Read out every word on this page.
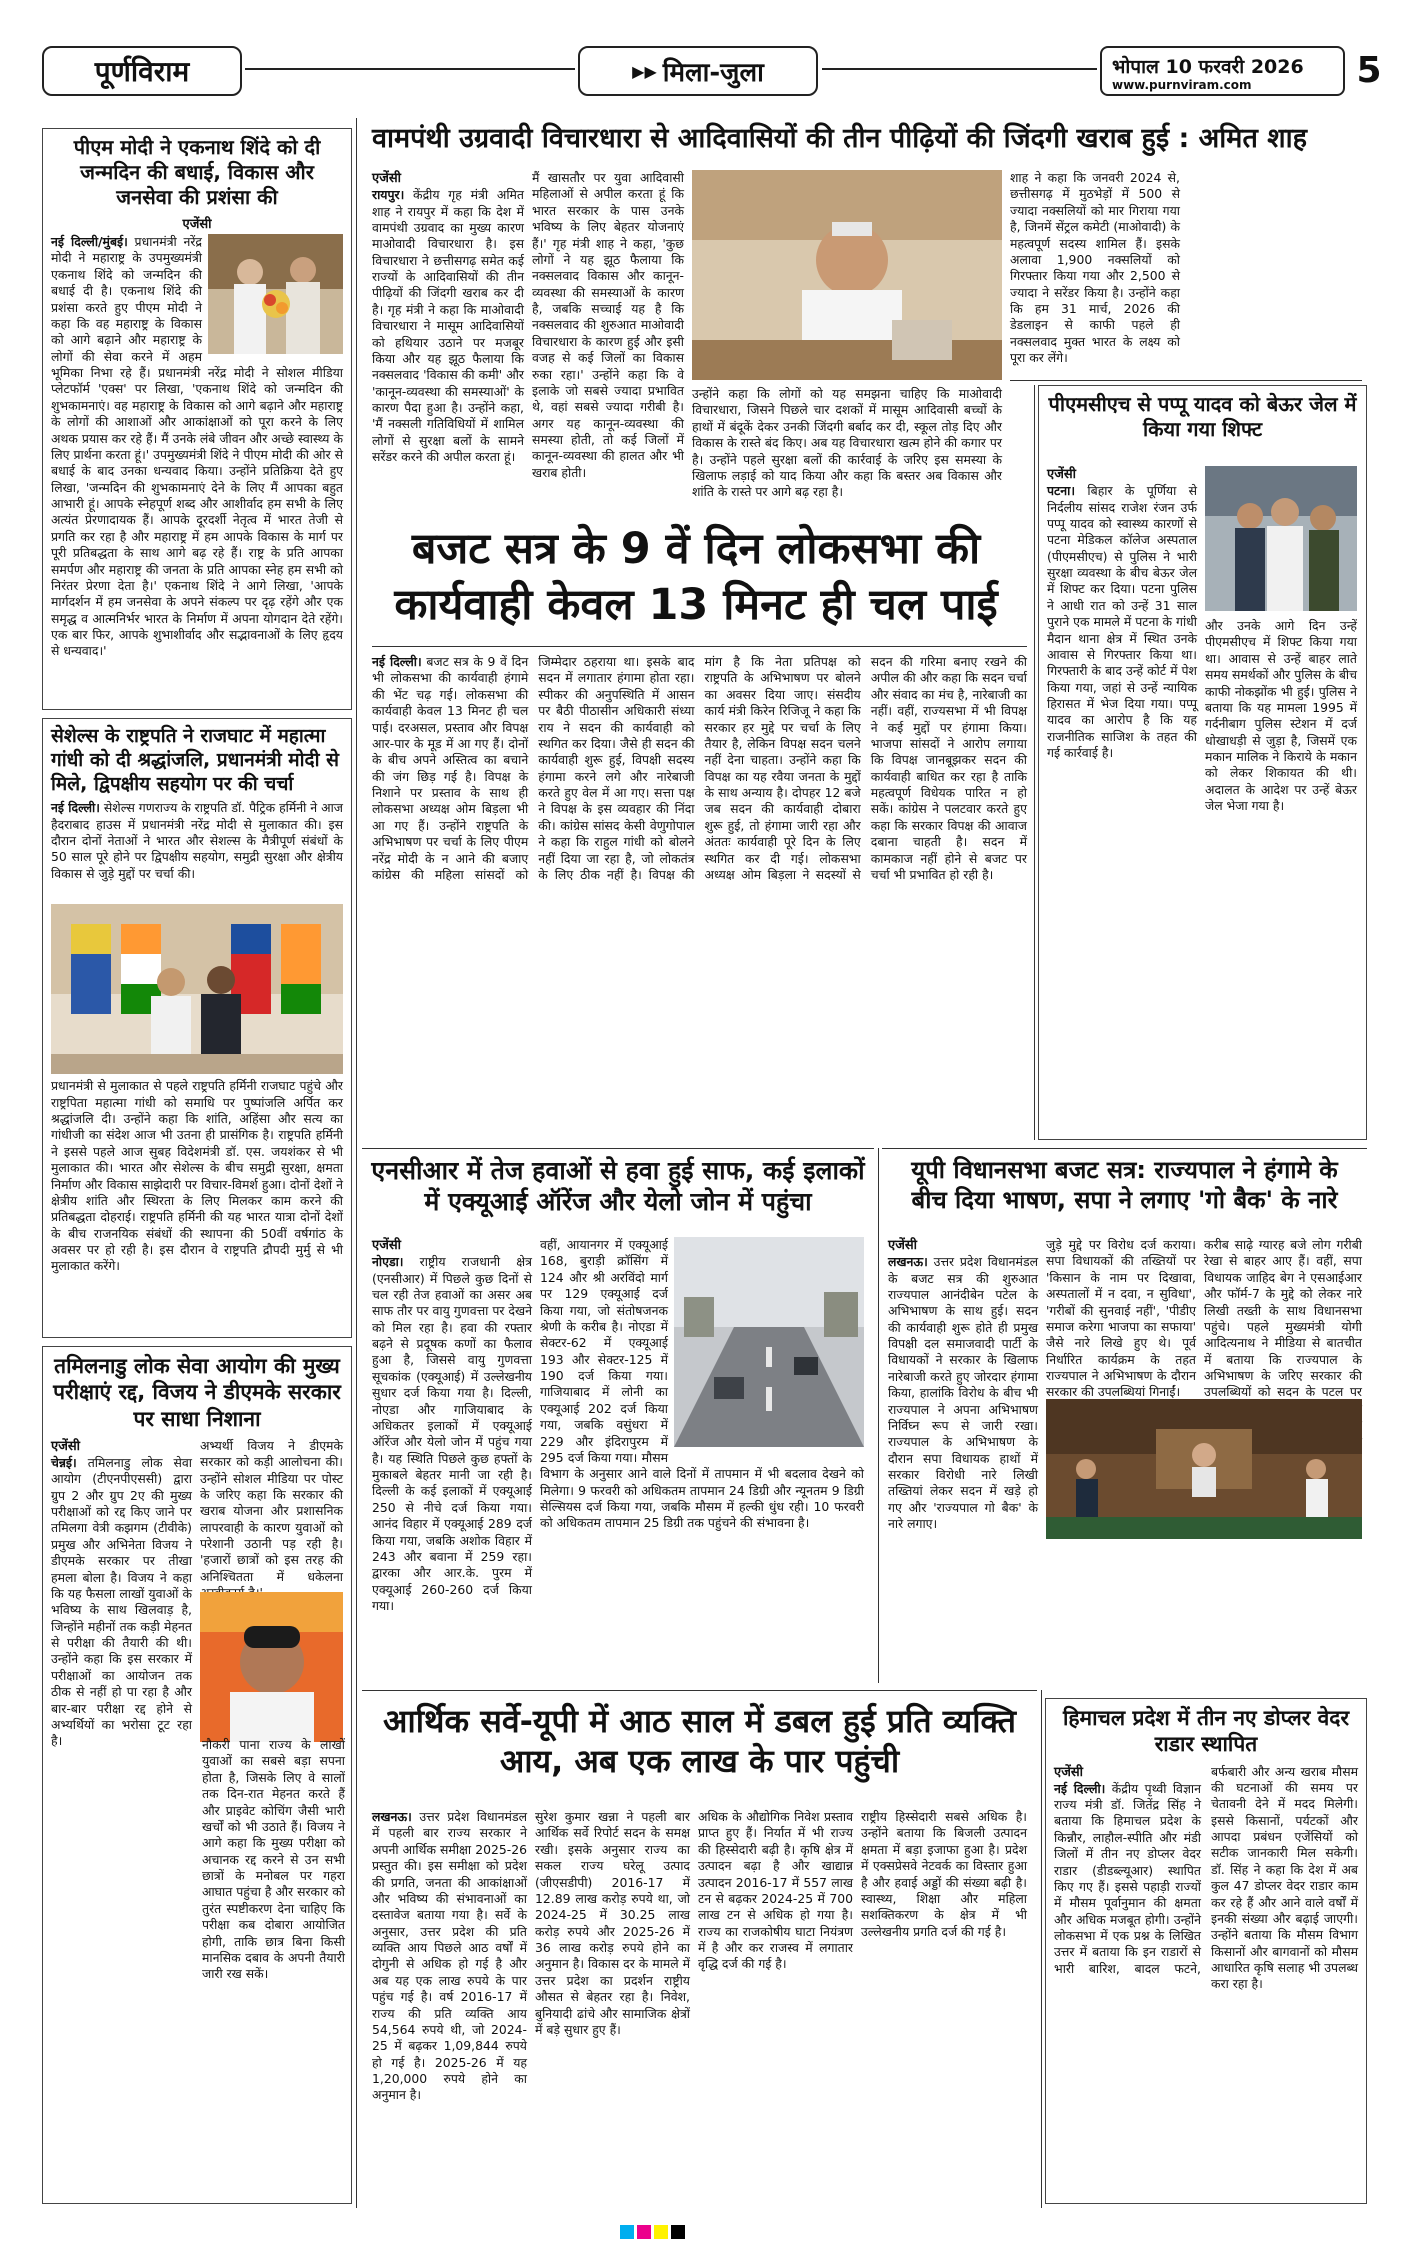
पूर्णविराम	▶▶ मिला-जुला	भोपाल 10 फरवरी 2026
www.purnviram.com	5
पीएम मोदी ने एकनाथ शिंदे को दी जन्मदिन की बधाई, विकास और जनसेवा की प्रशंसा की
एजेंसी
नई दिल्ली/मुंबई। प्रधानमंत्री नरेंद्र मोदी ने महाराष्ट्र के उपमुख्यमंत्री एकनाथ शिंदे को जन्मदिन की बधाई दी है। एकनाथ शिंदे की प्रशंसा करते हुए पीएम मोदी ने कहा कि वह महाराष्ट्र के विकास को आगे बढ़ाने और महाराष्ट्र के लोगों की सेवा करने में अहम भूमिका निभा रहे हैं। प्रधानमंत्री नरेंद्र मोदी ने सोशल मीडिया प्लेटफॉर्म 'एक्स' पर लिखा, 'एकनाथ शिंदे को जन्मदिन की शुभकामनाएं। वह महाराष्ट्र के विकास को आगे बढ़ाने और महाराष्ट्र के लोगों की आशाओं और आकांक्षाओं को पूरा करने के लिए अथक प्रयास कर रहे हैं। मैं उनके लंबे जीवन और अच्छे स्वास्थ्य के लिए प्रार्थना करता हूं।' उपमुख्यमंत्री शिंदे ने पीएम मोदी की ओर से बधाई के बाद उनका धन्यवाद किया। उन्होंने प्रतिक्रिया देते हुए लिखा, 'जन्मदिन की शुभकामनाएं देने के लिए मैं आपका बहुत आभारी हूं। आपके स्नेहपूर्ण शब्द और आशीर्वाद हम सभी के लिए अत्यंत प्रेरणादायक हैं। आपके दूरदर्शी नेतृत्व में भारत तेजी से प्रगति कर रहा है और महाराष्ट्र में हम आपके विकास के मार्ग पर पूरी प्रतिबद्धता के साथ आगे बढ़ रहे हैं। राष्ट्र के प्रति आपका समर्पण और महाराष्ट्र की जनता के प्रति आपका स्नेह हम सभी को निरंतर प्रेरणा देता है।' एकनाथ शिंदे ने आगे लिखा, 'आपके मार्गदर्शन में हम जनसेवा के अपने संकल्प पर दृढ़ रहेंगे और एक समृद्ध व आत्मनिर्भर भारत के निर्माण में अपना योगदान देते रहेंगे। एक बार फिर, आपके शुभाशीर्वाद और सद्भावनाओं के लिए हृदय से धन्यवाद।'
सेशेल्स के राष्ट्रपति ने राजघाट में महात्मा गांधी को दी श्रद्धांजलि, प्रधानमंत्री मोदी से मिले, द्विपक्षीय सहयोग पर की चर्चा
नई दिल्ली। सेशेल्स गणराज्य के राष्ट्रपति डॉ. पैट्रिक हर्मिनी ने आज हैदराबाद हाउस में प्रधानमंत्री नरेंद्र मोदी से मुलाकात की। इस दौरान दोनों नेताओं ने भारत और सेशल्स के मैत्रीपूर्ण संबंधों के 50 साल पूरे होने पर द्विपक्षीय सहयोग, समुद्री सुरक्षा और क्षेत्रीय विकास से जुड़े मुद्दों पर चर्चा की।
प्रधानमंत्री से मुलाकात से पहले राष्ट्रपति हर्मिनी राजघाट पहुंचे और राष्ट्रपिता महात्मा गांधी को समाधि पर पुष्पांजलि अर्पित कर श्रद्धांजलि दी। उन्होंने कहा कि शांति, अहिंसा और सत्य का गांधीजी का संदेश आज भी उतना ही प्रासंगिक है। राष्ट्रपति हर्मिनी ने इससे पहले आज सुबह विदेशमंत्री डॉ. एस. जयशंकर से भी मुलाकात की। भारत और सेशेल्स के बीच समुद्री सुरक्षा, क्षमता निर्माण और विकास साझेदारी पर विचार-विमर्श हुआ। दोनों देशों ने क्षेत्रीय शांति और स्थिरता के लिए मिलकर काम करने की प्रतिबद्धता दोहराई। राष्ट्रपति हर्मिनी की यह भारत यात्रा दोनों देशों के बीच राजनयिक संबंधों की स्थापना की 50वीं वर्षगांठ के अवसर पर हो रही है। इस दौरान वे राष्ट्रपति द्रौपदी मुर्मु से भी मुलाकात करेंगे।
तमिलनाडु लोक सेवा आयोग की मुख्य परीक्षाएं रद्द, विजय ने डीएमके सरकार पर साधा निशाना
एजेंसी
चेन्नई। तमिलनाडु लोक सेवा आयोग (टीएनपीएससी) द्वारा ग्रुप 2 और ग्रुप 2ए की मुख्य परीक्षाओं को रद्द किए जाने पर तमिलगा वेत्री कझगम (टीवीके) प्रमुख और अभिनेता विजय ने डीएमके सरकार पर तीखा हमला बोला है। विजय ने कहा कि यह फैसला लाखों युवाओं के भविष्य के साथ खिलवाड़ है, जिन्होंने महीनों तक कड़ी मेहनत से परीक्षा की तैयारी की थी। उन्होंने कहा कि इस सरकार में परीक्षाओं का आयोजन तक ठीक से नहीं हो पा रहा है और बार-बार परीक्षा रद्द होने से अभ्यर्थियों का भरोसा टूट रहा है।
अभ्यर्थी विजय ने डीएमके सरकार को कड़ी आलोचना की। उन्होंने सोशल मीडिया पर पोस्ट के जरिए कहा कि सरकार की खराब योजना और प्रशासनिक लापरवाही के कारण युवाओं को परेशानी उठानी पड़ रही है। 'हजारों छात्रों को इस तरह की अनिश्चितता में धकेलना
नौकरी पाना राज्य के लाखों युवाओं का सबसे बड़ा सपना होता है, जिसके लिए वे सालों तक दिन-रात मेहनत करते हैं और प्राइवेट कोचिंग जैसी भारी खर्चों को भी उठाते हैं। विजय ने आगे कहा कि मुख्य परीक्षा को अचानक रद्द करने से उन सभी छात्रों के मनोबल पर गहरा आघात पहुंचा है और सरकार को तुरंत स्पष्टीकरण देना चाहिए कि परीक्षा कब दोबारा आयोजित होगी, ताकि छात्र बिना किसी मानसिक दबाव के अपनी तैयारी जारी रख सकें।
वामपंथी उग्रवादी विचारधारा से आदिवासियों की तीन पीढ़ियों की जिंदगी खराब हुई : अमित शाह
एजेंसी
रायपुर। केंद्रीय गृह मंत्री अमित शाह ने रायपुर में कहा कि देश में वामपंथी उग्रवाद का मुख्य कारण माओवादी विचारधारा है। इस विचारधारा ने छत्तीसगढ़ समेत कई राज्यों के आदिवासियों की तीन पीढ़ियों की जिंदगी खराब कर दी है। गृह मंत्री ने कहा कि माओवादी विचारधारा ने मासूम आदिवासियों को हथियार उठाने पर मजबूर किया और यह झूठ फैलाया कि नक्सलवाद 'विकास की कमी' और 'कानून-व्यवस्था की समस्याओं' के कारण पैदा हुआ है। उन्होंने कहा, 'मैं नक्सली गतिविधियों में शामिल लोगों से सुरक्षा बलों के सामने सरेंडर करने की अपील करता हूं।
मैं खासतौर पर युवा आदिवासी महिलाओं से अपील करता हूं कि भारत सरकार के पास उनके भविष्य के लिए बेहतर योजनाएं हैं।' गृह मंत्री शाह ने कहा, 'कुछ लोगों ने यह झूठ फैलाया कि नक्सलवाद विकास और कानून-व्यवस्था की समस्याओं के कारण है, जबकि सच्चाई यह है कि नक्सलवाद की शुरुआत माओवादी विचारधारा के कारण हुई और इसी वजह से कई जिलों का विकास रुका रहा।' उन्होंने कहा कि वे इलाके जो सबसे ज्यादा प्रभावित थे, वहां सबसे ज्यादा गरीबी है। अगर यह कानून-व्यवस्था की समस्या होती, तो कई जिलों में कानून-व्यवस्था की हालत और भी खराब होती।
उन्होंने कहा कि लोगों को यह समझना चाहिए कि माओवादी विचारधारा, जिसने पिछले चार दशकों में मासूम आदिवासी बच्चों के हाथों में बंदूकें देकर उनकी जिंदगी बर्बाद कर दी, स्कूल तोड़ दिए और विकास के रास्ते बंद किए। अब यह विचारधारा खत्म होने की कगार पर है। उन्होंने पहले सुरक्षा बलों की कार्रवाई के जरिए इस समस्या के खिलाफ लड़ाई को याद किया और कहा कि बस्तर अब विकास और शांति के रास्ते पर आगे बढ़ रहा है।
शाह ने कहा कि जनवरी 2024 से, छत्तीसगढ़ में मुठभेड़ों में 500 से ज्यादा नक्सलियों को मार गिराया गया है, जिनमें सेंट्रल कमेटी (माओवादी) के महत्वपूर्ण सदस्य शामिल हैं। इसके अलावा 1,900 नक्सलियों को गिरफ्तार किया गया और 2,500 से ज्यादा ने सरेंडर किया है। उन्होंने कहा कि हम 31 मार्च, 2026 की डेडलाइन से काफी पहले ही नक्सलवाद मुक्त भारत के लक्ष्य को पूरा कर लेंगे।
पीएमसीएच से पप्पू यादव को बेऊर जेल में किया गया शिफ्ट
एजेंसी
पटना। बिहार के पूर्णिया से निर्दलीय सांसद राजेश रंजन उर्फ पप्पू यादव को स्वास्थ्य कारणों से पटना मेडिकल कॉलेज अस्पताल (पीएमसीएच) से पुलिस ने भारी सुरक्षा व्यवस्था के बीच बेऊर जेल में शिफ्ट कर दिया। पटना पुलिस ने आधी रात को उन्हें 31 साल पुराने एक मामले में पटना के गांधी मैदान थाना क्षेत्र में स्थित उनके आवास से गिरफ्तार किया था। गिरफ्तारी के बाद उन्हें कोर्ट में पेश किया गया, जहां से उन्हें न्यायिक हिरासत में भेज दिया गया। पप्पू यादव का आरोप है कि यह राजनीतिक साजिश के तहत की गई कार्रवाई है।
और उनके आगे दिन उन्हें पीएमसीएच में शिफ्ट किया गया था। आवास से उन्हें बाहर लाते समय समर्थकों और पुलिस के बीच काफी नोकझोंक भी हुई। पुलिस ने बताया कि यह मामला 1995 में गर्दनीबाग पुलिस स्टेशन में दर्ज धोखाधड़ी से जुड़ा है, जिसमें एक मकान मालिक ने किराये के मकान को लेकर शिकायत की थी। अदालत के आदेश पर उन्हें बेऊर जेल भेजा गया है।
बजट सत्र के 9 वें दिन लोकसभा की कार्यवाही केवल 13 मिनट ही चल पाई
नई दिल्ली। बजट सत्र के 9 वें दिन भी लोकसभा की कार्यवाही हंगामे की भेंट चढ़ गई। लोकसभा की कार्यवाही केवल 13 मिनट ही चल पाई। दरअसल, प्रस्ताव और विपक्ष आर-पार के मूड में आ गए हैं। दोनों के बीच अपने अस्तित्व का बचाने की जंग छिड़ गई है। विपक्ष के निशाने पर प्रस्ताव के साथ ही लोकसभा अध्यक्ष ओम बिड़ला भी आ गए हैं। उन्होंने राष्ट्रपति के अभिभाषण पर चर्चा के लिए पीएम नरेंद्र मोदी के न आने की बजाए कांग्रेस की महिला सांसदों को जिम्मेदार ठहराया था। इसके बाद सदन में लगातार हंगामा होता रहा। स्पीकर की अनुपस्थिति में आसन पर बैठी पीठासीन अधिकारी संध्या राय ने सदन की कार्यवाही को स्थगित कर दिया। जैसे ही सदन की कार्यवाही शुरू हुई, विपक्षी सदस्य हंगामा करने लगे और नारेबाजी करते हुए वेल में आ गए। सत्ता पक्ष ने विपक्ष के इस व्यवहार की निंदा की। कांग्रेस सांसद केसी वेणुगोपाल ने कहा कि राहुल गांधी को बोलने नहीं दिया जा रहा है, जो लोकतंत्र के लिए ठीक नहीं है। विपक्ष की मांग है कि नेता प्रतिपक्ष को राष्ट्रपति के अभिभाषण पर बोलने का अवसर दिया जाए। संसदीय कार्य मंत्री किरेन रिजिजू ने कहा कि सरकार हर मुद्दे पर चर्चा के लिए तैयार है, लेकिन विपक्ष सदन चलने नहीं देना चाहता। उन्होंने कहा कि विपक्ष का यह रवैया जनता के मुद्दों के साथ अन्याय है। दोपहर 12 बजे जब सदन की कार्यवाही दोबारा शुरू हुई, तो हंगामा जारी रहा और अंततः कार्यवाही पूरे दिन के लिए स्थगित कर दी गई। लोकसभा अध्यक्ष ओम बिड़ला ने सदस्यों से सदन की गरिमा बनाए रखने की अपील की और कहा कि सदन चर्चा और संवाद का मंच है, नारेबाजी का नहीं। वहीं, राज्यसभा में भी विपक्ष ने कई मुद्दों पर हंगामा किया। भाजपा सांसदों ने आरोप लगाया कि विपक्ष जानबूझकर सदन की कार्यवाही बाधित कर रहा है ताकि महत्वपूर्ण विधेयक पारित न हो सकें। कांग्रेस ने पलटवार करते हुए कहा कि सरकार विपक्ष की आवाज दबाना चाहती है। सदन में कामकाज नहीं होने से बजट पर चर्चा भी प्रभावित हो रही है।
एनसीआर में तेज हवाओं से हवा हुई साफ, कई इलाकों में एक्यूआई ऑरेंज और येलो जोन में पहुंचा
एजेंसी
नोएडा। राष्ट्रीय राजधानी क्षेत्र (एनसीआर) में पिछले कुछ दिनों से चल रही तेज हवाओं का असर अब साफ तौर पर वायु गुणवत्ता पर देखने को मिल रहा है। हवा की रफ्तार बढ़ने से प्रदूषक कणों का फैलाव हुआ है, जिससे वायु गुणवत्ता सूचकांक (एक्यूआई) में उल्लेखनीय सुधार दर्ज किया गया है। दिल्ली, नोएडा और गाजियाबाद के अधिकतर इलाकों में एक्यूआई ऑरेंज और येलो जोन में पहुंच गया है। यह स्थिति पिछले कुछ हफ्तों के मुकाबले बेहतर मानी जा रही है। दिल्ली के कई इलाकों में एक्यूआई 250 से नीचे दर्ज किया गया। आनंद विहार में एक्यूआई 289 दर्ज किया गया, जबकि अशोक विहार में 243 और बवाना में 259 रहा। द्वारका और आर.के. पुरम में एक्यूआई 260-260 दर्ज किया गया।
वहीं, आयानगर में एक्यूआई 168, बुराड़ी क्रॉसिंग में 124 और श्री अरविंदो मार्ग पर 129 एक्यूआई दर्ज किया गया, जो संतोषजनक श्रेणी के करीब है। नोएडा में सेक्टर-62 में एक्यूआई 193 और सेक्टर-125 में 190 दर्ज किया गया। गाजियाबाद में लोनी का एक्यूआई 202 दर्ज किया गया, जबकि वसुंधरा में 229 और इंदिरापुरम में 295 दर्ज किया गया। मौसम विभाग के अनुसार आने वाले दिनों में तापमान में भी बदलाव देखने को मिलेगा। 9 फरवरी को अधिकतम तापमान 24 डिग्री और न्यूनतम 9 डिग्री सेल्सियस दर्ज किया गया, जबकि मौसम में हल्की धुंध रही। 10 फरवरी को अधिकतम तापमान 25 डिग्री तक पहुंचने की संभावना है।
यूपी विधानसभा बजट सत्र: राज्यपाल ने हंगामे के बीच दिया भाषण, सपा ने लगाए 'गो बैक' के नारे
एजेंसी
लखनऊ। उत्तर प्रदेश विधानमंडल के बजट सत्र की शुरुआत राज्यपाल आनंदीबेन पटेल के अभिभाषण के साथ हुई। सदन की कार्यवाही शुरू होते ही प्रमुख विपक्षी दल समाजवादी पार्टी के विधायकों ने सरकार के खिलाफ नारेबाजी करते हुए जोरदार हंगामा किया, हालांकि विरोध के बीच भी राज्यपाल ने अपना अभिभाषण निर्विघ्न रूप से जारी रखा। राज्यपाल के अभिभाषण के दौरान सपा विधायक हाथों में सरकार विरोधी नारे लिखी तख्तियां लेकर सदन में खड़े हो गए और 'राज्यपाल गो बैक' के नारे लगाए।
जुड़े मुद्दे पर विरोध दर्ज कराया। सपा विधायकों की तख्तियों पर 'किसान के नाम पर दिखावा, अस्पतालों में न दवा, न सुविधा', 'गरीबों की सुनवाई नहीं', 'पीडीए समाज करेगा भाजपा का सफाया' जैसे नारे लिखे हुए थे। पूर्व निर्धारित कार्यक्रम के तहत राज्यपाल ने अभिभाषण के दौरान सरकार की उपलब्धियां गिनाईं।
करीब साढ़े ग्यारह बजे लोग गरीबी रेखा से बाहर आए हैं। वहीं, सपा विधायक जाहिद बेग ने एसआईआर और फॉर्म-7 के मुद्दे को लेकर नारे लिखी तख्ती के साथ विधानसभा पहुंचे। पहले मुख्यमंत्री योगी आदित्यनाथ ने मीडिया से बातचीत में बताया कि राज्यपाल के अभिभाषण के जरिए सरकार की उपलब्धियों को सदन के पटल पर
आर्थिक सर्वे-यूपी में आठ साल में डबल हुई प्रति व्यक्ति आय, अब एक लाख के पार पहुंची
लखनऊ। उत्तर प्रदेश विधानमंडल में पहली बार राज्य सरकार ने अपनी आर्थिक समीक्षा 2025-26 प्रस्तुत की। इस समीक्षा को प्रदेश की प्रगति, जनता की आकांक्षाओं और भविष्य की संभावनाओं का दस्तावेज बताया गया है। सर्वे के अनुसार, उत्तर प्रदेश की प्रति व्यक्ति आय पिछले आठ वर्षों में दोगुनी से अधिक हो गई है और अब यह एक लाख रुपये के पार पहुंच गई है। वर्ष 2016-17 में राज्य की प्रति व्यक्ति आय 54,564 रुपये थी, जो 2024-25 में बढ़कर 1,09,844 रुपये हो गई है। 2025-26 में यह 1,20,000 रुपये होने का अनुमान है।
सुरेश कुमार खन्ना ने पहली बार आर्थिक सर्वे रिपोर्ट सदन के समक्ष रखी। इसके अनुसार राज्य का सकल राज्य घरेलू उत्पाद (जीएसडीपी) 2016-17 में 12.89 लाख करोड़ रुपये था, जो 2024-25 में 30.25 लाख करोड़ रुपये और 2025-26 में 36 लाख करोड़ रुपये होने का अनुमान है। विकास दर के मामले में उत्तर प्रदेश का प्रदर्शन राष्ट्रीय औसत से बेहतर रहा है। निवेश, बुनियादी ढांचे और सामाजिक क्षेत्रों में बड़े सुधार हुए हैं।
अधिक के औद्योगिक निवेश प्रस्ताव प्राप्त हुए हैं। निर्यात में भी राज्य की हिस्सेदारी बढ़ी है। कृषि क्षेत्र में उत्पादन बढ़ा है और खाद्यान्न उत्पादन 2016-17 में 557 लाख टन से बढ़कर 2024-25 में 700 लाख टन से अधिक हो गया है। राज्य का राजकोषीय घाटा नियंत्रण में है और कर राजस्व में लगातार वृद्धि दर्ज की गई है।
राष्ट्रीय हिस्सेदारी सबसे अधिक है। उन्होंने बताया कि बिजली उत्पादन क्षमता में बड़ा इजाफा हुआ है। प्रदेश में एक्सप्रेसवे नेटवर्क का विस्तार हुआ है और हवाई अड्डों की संख्या बढ़ी है। स्वास्थ्य, शिक्षा और महिला सशक्तिकरण के क्षेत्र में भी उल्लेखनीय प्रगति दर्ज की गई है।
हिमाचल प्रदेश में तीन नए डोप्लर वेदर राडार स्थापित
एजेंसी
नई दिल्ली। केंद्रीय पृथ्वी विज्ञान राज्य मंत्री डॉ. जितेंद्र सिंह ने बताया कि हिमाचल प्रदेश के किन्नौर, लाहौल-स्पीति और मंडी जिलों में तीन नए डोप्लर वेदर राडार (डीडब्ल्यूआर) स्थापित किए गए हैं। इससे पहाड़ी राज्यों में मौसम पूर्वानुमान की क्षमता और अधिक मजबूत होगी। उन्होंने लोकसभा में एक प्रश्न के लिखित उत्तर में बताया कि इन राडारों से भारी बारिश, बादल फटने, बर्फबारी और अन्य खराब मौसम की घटनाओं की समय पर चेतावनी देने में मदद मिलेगी। इससे किसानों, पर्यटकों और आपदा प्रबंधन एजेंसियों को सटीक जानकारी मिल सकेगी। डॉ. सिंह ने कहा कि देश में अब कुल 47 डोप्लर वेदर राडार काम कर रहे हैं और आने वाले वर्षों में इनकी संख्या और बढ़ाई जाएगी। उन्होंने बताया कि मौसम विभाग किसानों और बागवानों को मौसम आधारित कृषि सलाह भी उपलब्ध करा रहा है।
